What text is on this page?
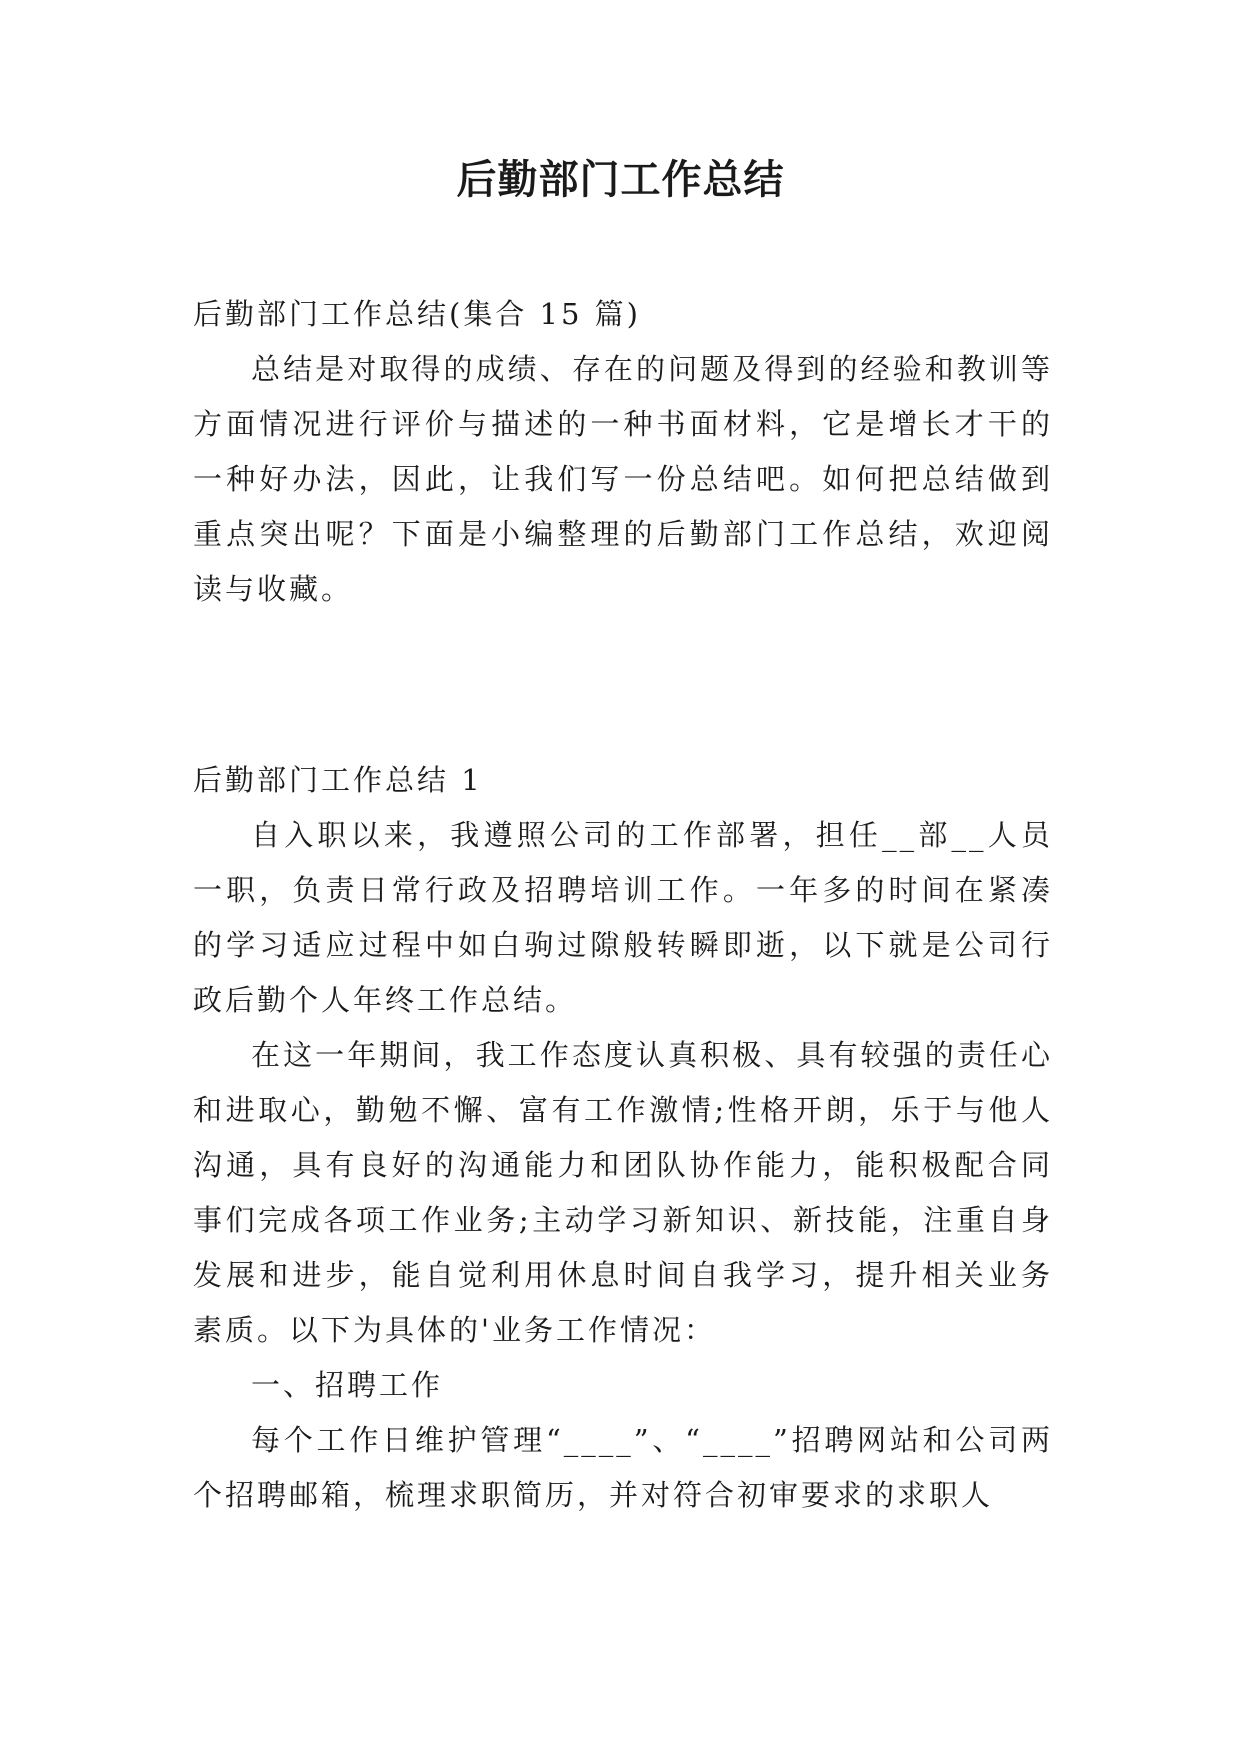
后勤部门工作总结

后勤部门工作总结(集合 15 篇)

总结是对取得的成绩、存在的问题及得到的经验和教训等方面情况进行评价与描述的一种书面材料，它是增长才干的一种好办法，因此，让我们写一份总结吧。如何把总结做到重点突出呢？下面是小编整理的后勤部门工作总结，欢迎阅读与收藏。

后勤部门工作总结 1

自入职以来，我遵照公司的工作部署，担任__部__人员一职，负责日常行政及招聘培训工作。一年多的时间在紧凑的学习适应过程中如白驹过隙般转瞬即逝，以下就是公司行政后勤个人年终工作总结。

在这一年期间，我工作态度认真积极、具有较强的责任心和进取心，勤勉不懈、富有工作激情;性格开朗，乐于与他人沟通，具有良好的沟通能力和团队协作能力，能积极配合同事们完成各项工作业务;主动学习新知识、新技能，注重自身发展和进步，能自觉利用休息时间自我学习，提升相关业务素质。以下为具体的'业务工作情况：

一、招聘工作

每个工作日维护管理“____”、“____”招聘网站和公司两个招聘邮箱，梳理求职简历，并对符合初审要求的求职人
